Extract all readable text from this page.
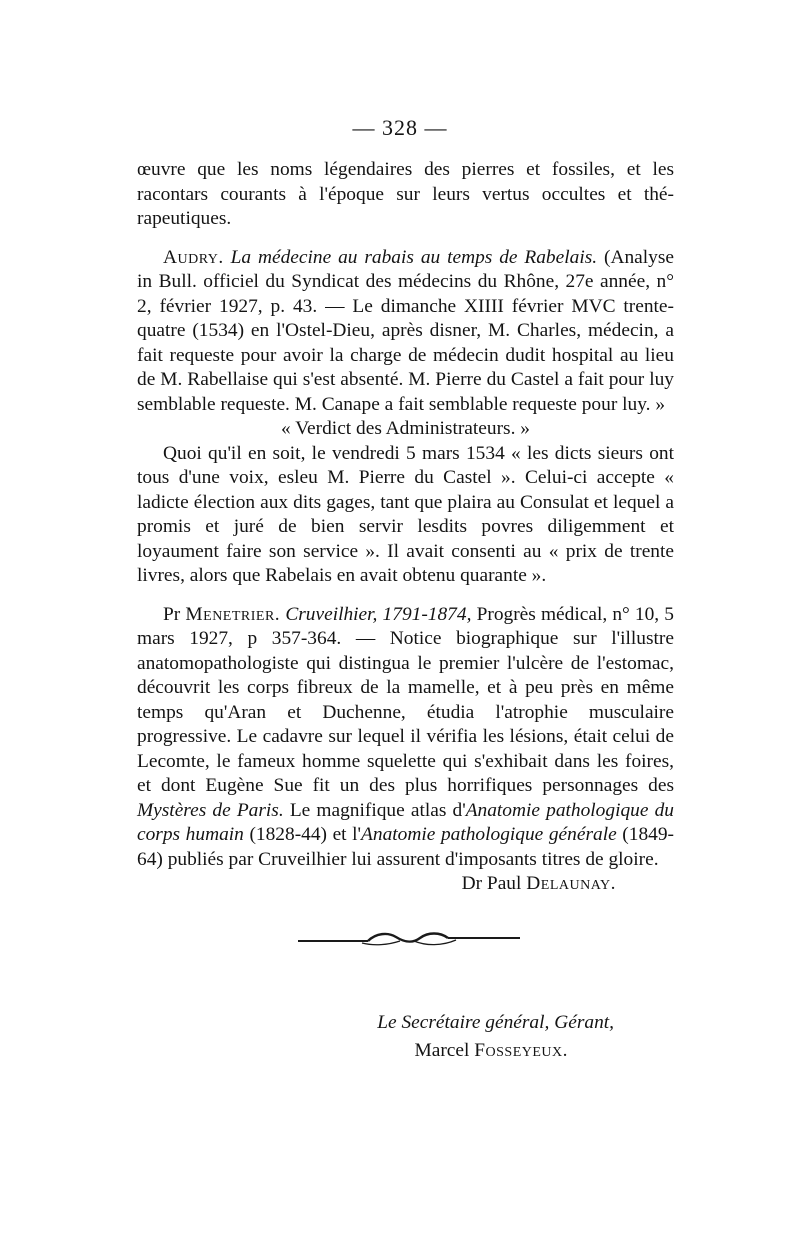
— 328 —

œuvre que les noms légendaires des pierres et fossiles, et les racontars courants à l'époque sur leurs vertus occultes et thé- rapeutiques.

Audry. La médecine au rabais au temps de Rabelais. (Analyse in Bull. officiel du Syndicat des médecins du Rhône, 27e année, n° 2, février 1927, p. 43. — Le dimanche XIIII février MVC trente-quatre (1534) en l'Ostel-Dieu, après disner, M. Charles, médecin, a fait requeste pour avoir la charge de médecin dudit hospital au lieu de M. Rabellaise qui s'est absenté. M. Pierre du Castel a fait pour luy semblable requeste. M. Canape a fait semblable requeste pour luy. »

« Verdict des Administrateurs. »

Quoi qu'il en soit, le vendredi 5 mars 1534 « les dicts sieurs ont tous d'une voix, esleu M. Pierre du Castel ». Celui-ci accepte « ladicte élection aux dits gages, tant que plaira au Consulat et lequel a promis et juré de bien servir lesdits povres diligemment et loyaument faire son service ». Il avait consenti au « prix de trente livres, alors que Rabelais en avait obtenu quarante ».

Pr Menetrier. Cruveilhier, 1791-1874, Progrès médical, n° 10, 5 mars 1927, p 357-364. — Notice biographique sur l'illustre anatomopathologiste qui distingua le premier l'ulcère de l'estomac, découvrit les corps fibreux de la mamelle, et à peu près en même temps qu'Aran et Duchenne, étudia l'atrophie musculaire progressive. Le cadavre sur lequel il vérifia les lésions, était celui de Lecomte, le fameux homme squelette qui s'exhibait dans les foires, et dont Eugène Sue fit un des plus horrifiques personnages des Mystères de Paris. Le magnifique atlas d'Anatomie pathologique du corps humain (1828-44) et l'Anatomie pathologique générale (1849-64) publiés par Cruveilhier lui assurent d'imposants titres de gloire.

Dr Paul Delaunay.

Le Secrétaire général, Gérant,
Marcel Fosseyeux.
